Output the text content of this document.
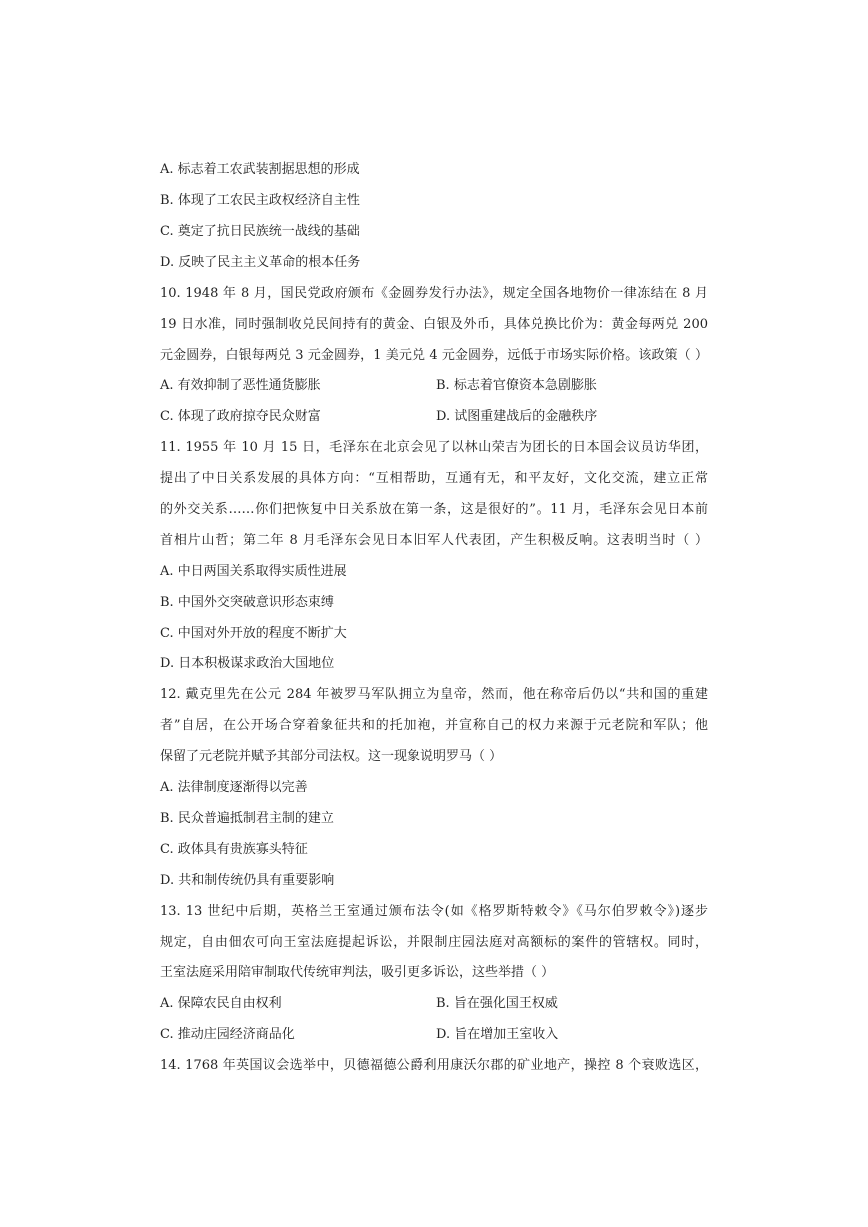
A. 标志着工农武装割据思想的形成
B. 体现了工农民主政权经济自主性
C. 奠定了抗日民族统一战线的基础
D. 反映了民主主义革命的根本任务
10. 1948 年 8 月，国民党政府颁布《金圆券发行办法》，规定全国各地物价一律冻结在 8 月
19 日水准，同时强制收兑民间持有的黄金、白银及外币，具体兑换比价为：黄金每两兑 200
元金圆券，白银每两兑 3 元金圆券，1 美元兑 4 元金圆券，远低于市场实际价格。该政策（ ）
A. 有效抑制了恶性通货膨胀	B. 标志着官僚资本急剧膨胀
C. 体现了政府掠夺民众财富	D. 试图重建战后的金融秩序
11. 1955 年 10 月 15 日，毛泽东在北京会见了以林山荣吉为团长的日本国会议员访华团，
提出了中日关系发展的具体方向：“互相帮助，互通有无，和平友好，文化交流，建立正常
的外交关系……你们把恢复中日关系放在第一条，这是很好的”。11 月，毛泽东会见日本前
首相片山哲；第二年 8 月毛泽东会见日本旧军人代表团，产生积极反响。这表明当时（ ）
A. 中日两国关系取得实质性进展
B. 中国外交突破意识形态束缚
C. 中国对外开放的程度不断扩大
D. 日本积极谋求政治大国地位
12. 戴克里先在公元 284 年被罗马军队拥立为皇帝，然而，他在称帝后仍以“共和国的重建
者”自居，在公开场合穿着象征共和的托加袍，并宣称自己的权力来源于元老院和军队；他
保留了元老院并赋予其部分司法权。这一现象说明罗马（ ）
A. 法律制度逐渐得以完善
B. 民众普遍抵制君主制的建立
C. 政体具有贵族寡头特征
D. 共和制传统仍具有重要影响
13. 13 世纪中后期，英格兰王室通过颁布法令(如《格罗斯特敕令》《马尔伯罗敕令》)逐步
规定，自由佃农可向王室法庭提起诉讼，并限制庄园法庭对高额标的案件的管辖权。同时，
王室法庭采用陪审制取代传统审判法，吸引更多诉讼，这些举措（ ）
A. 保障农民自由权利	B. 旨在强化国王权威
C. 推动庄园经济商品化	D. 旨在增加王室收入
14. 1768 年英国议会选举中，贝德福德公爵利用康沃尔郡的矿业地产，操控 8 个衰败选区，
